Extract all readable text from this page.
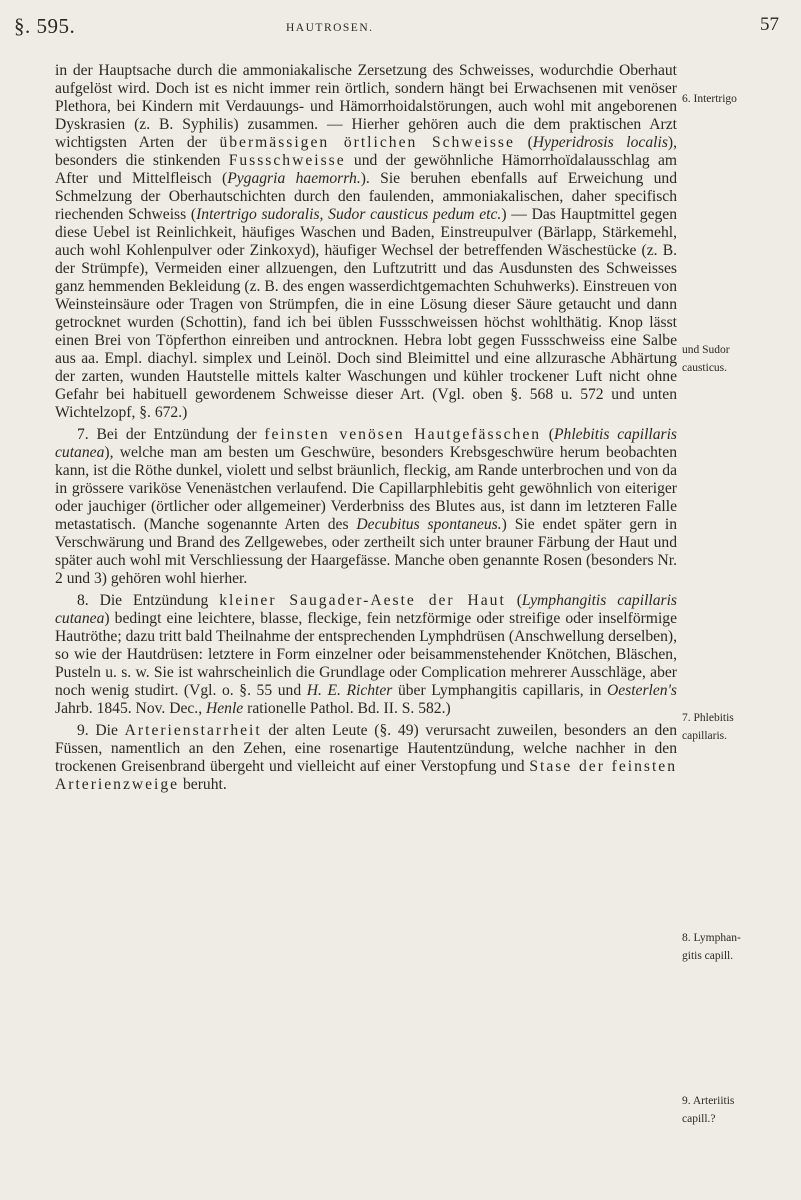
§. 595.	HAUTROSEN.	57

in der Hauptsache durch die ammoniakalische Zersetzung des Schweisses, wodurchdie Oberhaut aufgelöst wird. Doch ist es nicht immer rein örtlich, sondern hängt bei Erwachsenen mit venöser Plethora, bei Kindern mit Verdauungs- und Hämorrhoidalstörungen, auch wohl mit angeborenen Dyskrasien (z. B. Syphilis) zusammen. — Hierher gehören auch die dem praktischen Arzt wichtigsten Arten der übermässigen örtlichen Schweisse (Hyperidrosis localis), besonders die stinkenden Fussschweisse und der gewöhnliche Hämorrhoïdalausschlag am After und Mittelfleisch (Pygagria haemorrh.). Sie beruhen ebenfalls auf Erweichung und Schmelzung der Oberhautschichten durch den faulenden, ammoniakalischen, daher specifisch riechenden Schweiss (Intertrigo sudoralis, Sudor causticus pedum etc.) — Das Hauptmittel gegen diese Uebel ist Reinlichkeit, häufiges Waschen und Baden, Einstreupulver (Bärlapp, Stärkemehl, auch wohl Kohlenpulver oder Zinkoxyd), häufiger Wechsel der betreffenden Wäschestücke (z. B. der Strümpfe), Vermeiden einer allzuengen, den Luftzutritt und das Ausdunsten des Schweisses ganz hemmenden Bekleidung (z. B. des engen wasserdichtgemachten Schuhwerks). Einstreuen von Weinsteinsäure oder Tragen von Strümpfen, die in eine Lösung dieser Säure getaucht und dann getrocknet wurden (Schottin), fand ich bei üblen Fussschweissen höchst wohlthätig. Knop lässt einen Brei von Töpferthon einreiben und antrocknen. Hebra lobt gegen Fussschweiss eine Salbe aus aa. Empl. diachyl. simplex und Leinöl. Doch sind Bleimittel und eine allzurasche Abhärtung der zarten, wunden Hautstelle mittels kalter Waschungen und kühler trockener Luft nicht ohne Gefahr bei habituell gewordenem Schweisse dieser Art. (Vgl. oben §. 568 u. 572 und unten Wichtelzopf, §. 672.)

7. Bei der Entzündung der feinsten venösen Hautgefässchen (Phlebitis capillaris cutanea), welche man am besten um Geschwüre, besonders Krebsgeschwüre herum beobachten kann, ist die Röthe dunkel, violett und selbst bräunlich, fleckig, am Rande unterbrochen und von da in grössere variköse Venenästchen verlaufend. Die Capillarphlebitis geht gewöhnlich von eiteriger oder jauchiger (örtlicher oder allgemeiner) Verderbniss des Blutes aus, ist dann im letzteren Falle metastatisch. (Manche sogenannte Arten des Decubitus spontaneus.) Sie endet später gern in Verschwärung und Brand des Zellgewebes, oder zertheilt sich unter brauner Färbung der Haut und später auch wohl mit Verschliessung der Haargefässe. Manche oben genannte Rosen (besonders Nr. 2 und 3) gehören wohl hierher.

8. Die Entzündung kleiner Saugader-Aeste der Haut (Lymphangitis capillaris cutanea) bedingt eine leichtere, blasse, fleckige, fein netzförmige oder streifige oder inselförmige Hautröthe; dazu tritt bald Theilnahme der entsprechenden Lymphdrüsen (Anschwellung derselben), so wie der Hautdrüsen: letztere in Form einzelner oder beisammenstehender Knötchen, Bläschen, Pusteln u. s. w. Sie ist wahrscheinlich die Grundlage oder Complication mehrerer Ausschläge, aber noch wenig studirt. (Vgl. o. §. 55 und H. E. Richter über Lymphangitis capillaris, in Oesterlen's Jahrb. 1845. Nov. Dec., Henle rationelle Pathol. Bd. II. S. 582.)

9. Die Arterienstarrheit der alten Leute (§. 49) verursacht zuweilen, besonders an den Füssen, namentlich an den Zehen, eine rosenartige Hautentzündung, welche nachher in den trockenen Greisenbrand übergeht und vielleicht auf einer Verstopfung und Stase der feinsten Arterienzweige beruht.

6. Intertrigo
und Sudor
causticus.
7. Phlebitis
capillaris.
8. Lymphan-
gitis capill.
9. Arteriitis
capill.?
